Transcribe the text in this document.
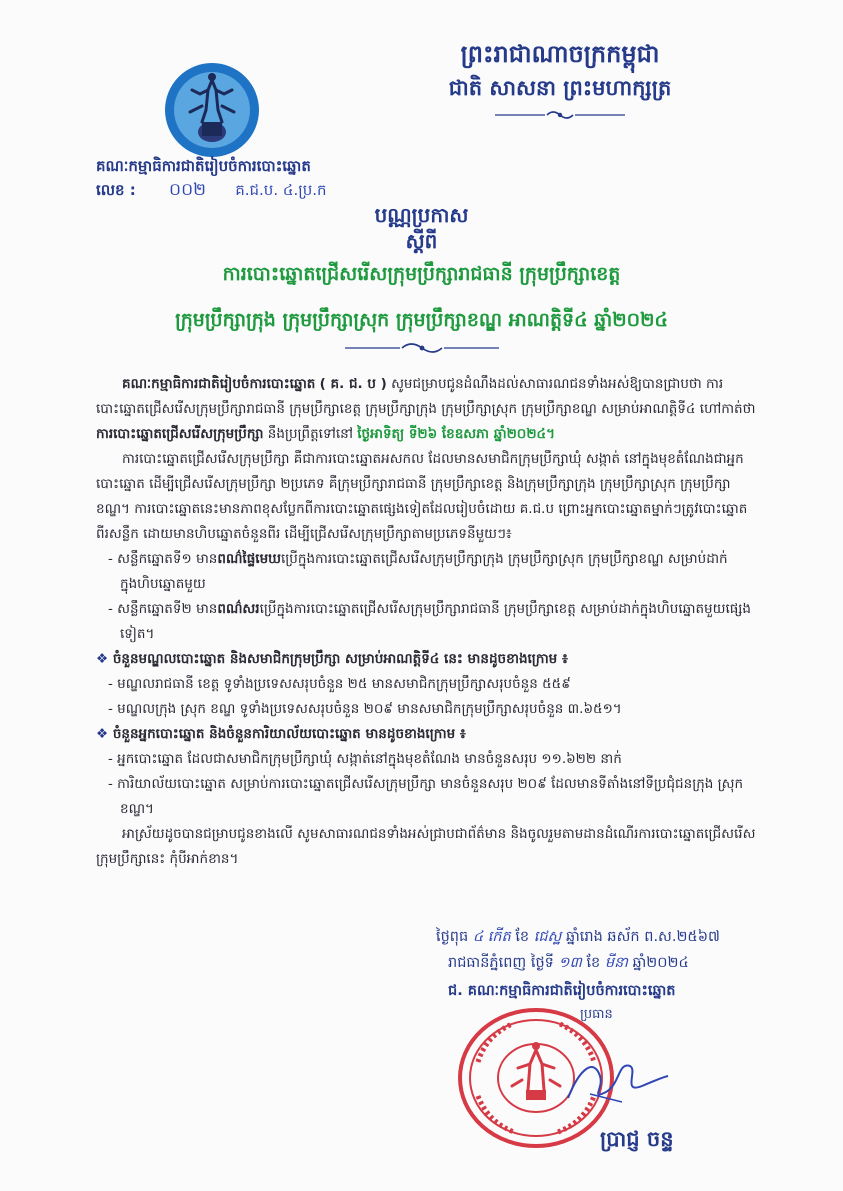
ព្រះរាជាណាចក្រកម្ពុជា
ជាតិ សាសនា ព្រះមហាក្សត្រ
គណៈកម្មាធិការជាតិរៀបចំការបោះឆ្នោត
លេខ : ០០២ គ.ជ.ប. ៤.ប្រ.ក
បណ្ណប្រកាស
ស្ដីពី
ការបោះឆ្នោតជ្រើសរើសក្រុមប្រឹក្សារាជធានី ក្រុមប្រឹក្សាខេត្ត
ក្រុមប្រឹក្សាក្រុង ក្រុមប្រឹក្សាស្រុក ក្រុមប្រឹក្សាខណ្ឌ អាណត្តិទី៤ ឆ្នាំ២០២៤

គណៈកម្មាធិការជាតិរៀបចំការបោះឆ្នោត ( គ. ជ. ប ) សូមជម្រាបជូនដំណឹងដល់សាធារណជនទាំងអស់ឱ្យបានជ្រាបថា ការបោះឆ្នោតជ្រើសរើសក្រុមប្រឹក្សារាជធានី ក្រុមប្រឹក្សាខេត្ត ក្រុមប្រឹក្សាក្រុង ក្រុមប្រឹក្សាស្រុក ក្រុមប្រឹក្សាខណ្ឌ សម្រាប់អាណត្តិទី៤ ហៅកាត់ថា ការបោះឆ្នោតជ្រើសរើសក្រុមប្រឹក្សា នឹងប្រព្រឹត្តទៅនៅ ថ្ងៃអាទិត្យ ទី២៦ ខែឧសភា ឆ្នាំ២០២៤។

ការបោះឆ្នោតជ្រើសរើសក្រុមប្រឹក្សា គឺជាការបោះឆ្នោតអសកល ដែលមានសមាជិកក្រុមប្រឹក្សាឃុំ សង្កាត់ នៅក្នុងមុខតំណែងជាអ្នកបោះឆ្នោត ដើម្បីជ្រើសរើសក្រុមប្រឹក្សា ២ប្រភេទ គឺក្រុមប្រឹក្សារាជធានី ក្រុមប្រឹក្សាខេត្ត និងក្រុមប្រឹក្សាក្រុង ក្រុមប្រឹក្សាស្រុក ក្រុមប្រឹក្សាខណ្ឌ។ ការបោះឆ្នោតនេះមានភាពខុសប្លែកពីការបោះឆ្នោតផ្សេងទៀតដែលរៀបចំដោយ គ.ជ.ប ព្រោះអ្នកបោះឆ្នោតម្នាក់ៗត្រូវបោះឆ្នោតពីរសន្លឹក ដោយមានហិបឆ្នោតចំនួនពីរ ដើម្បីជ្រើសរើសក្រុមប្រឹក្សាតាមប្រភេទនីមួយៗ៖

- សន្លឹកឆ្នោតទី១ មានពណ៌ផ្ទៃមេឃប្រើក្នុងការបោះឆ្នោតជ្រើសរើសក្រុមប្រឹក្សាក្រុង ក្រុមប្រឹក្សាស្រុក ក្រុមប្រឹក្សាខណ្ឌ សម្រាប់ដាក់ក្នុងហិបឆ្នោតមួយ

- សន្លឹកឆ្នោតទី២ មានពណ៌សរប្រើក្នុងការបោះឆ្នោតជ្រើសរើសក្រុមប្រឹក្សារាជធានី ក្រុមប្រឹក្សាខេត្ត សម្រាប់ដាក់ក្នុងហិបឆ្នោតមួយផ្សេងទៀត។

❖ ចំនួនមណ្ឌលបោះឆ្នោត និងសមាជិកក្រុមប្រឹក្សា សម្រាប់អាណត្តិទី៤ នេះ មានដូចខាងក្រោម ៖

- មណ្ឌលរាជធានី ខេត្ត ទូទាំងប្រទេសសរុបចំនួន ២៥ មានសមាជិកក្រុមប្រឹក្សាសរុបចំនួន ៥៥៩

- មណ្ឌលក្រុង ស្រុក ខណ្ឌ ទូទាំងប្រទេសសរុបចំនួន ២០៩ មានសមាជិកក្រុមប្រឹក្សាសរុបចំនួន ៣.៦៥១។

❖ ចំនួនអ្នកបោះឆ្នោត និងចំនួនការិយាល័យបោះឆ្នោត មានដូចខាងក្រោម ៖

- អ្នកបោះឆ្នោត ដែលជាសមាជិកក្រុមប្រឹក្សាឃុំ សង្កាត់នៅក្នុងមុខតំណែង មានចំនួនសរុប ១១.៦២២ នាក់

- ការិយាល័យបោះឆ្នោត សម្រាប់ការបោះឆ្នោតជ្រើសរើសក្រុមប្រឹក្សា មានចំនួនសរុប ២០៩ ដែលមានទីតាំងនៅទីប្រជុំជនក្រុង ស្រុក ខណ្ឌ។

អាស្រ័យដូចបានជម្រាបជូនខាងលើ សូមសាធារណជនទាំងអស់ជ្រាបជាព័ត៌មាន និងចូលរួមតាមដានដំណើរការបោះឆ្នោតជ្រើសរើសក្រុមប្រឹក្សានេះ កុំបីអាក់ខាន។

ថ្ងៃពុធ ៤ កើត ខែ ជេស្ឋ ឆ្នាំរោង ឆស័ក ព.ស.២៥៦៧
រាជធានីភ្នំពេញ ថ្ងៃទី ១៣ ខែ មីនា ឆ្នាំ២០២៤
ជ. គណៈកម្មាធិការជាតិរៀបចំការបោះឆ្នោត
ប្រធាន
ប្រាជ្ញ ចន្ទ
